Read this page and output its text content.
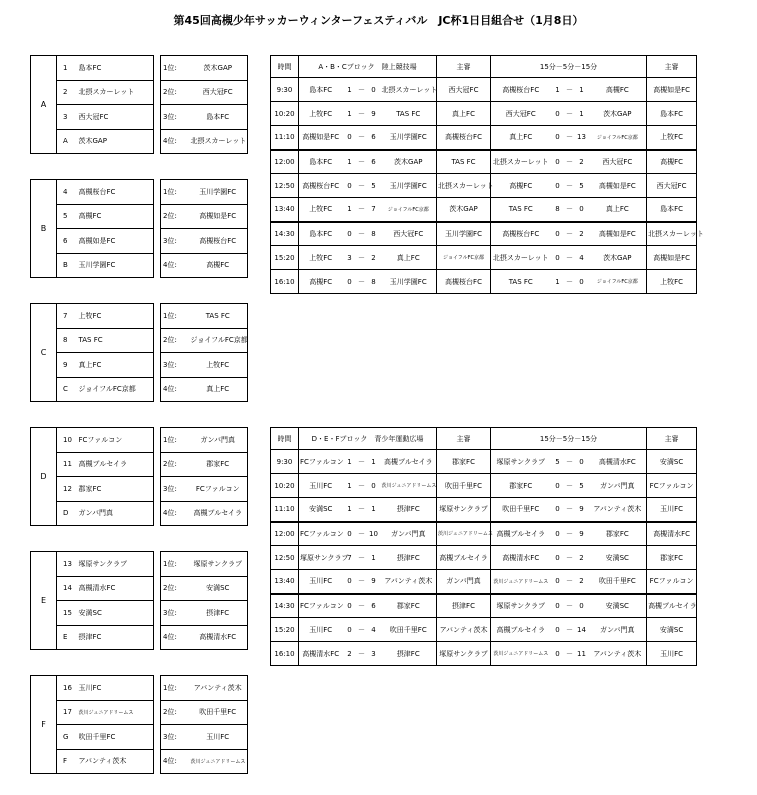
第45回高槻少年サッカーウィンターフェスティバル　JC杯1日目組合せ（1月8日）
A	1	島本FC
	2	北摂スカーレット
	3	西大冠FC
	A	茨木GAP
1位:	茨木GAP
2位:	西大冠FC
3位:	島本FC
4位:	北摂スカーレット
B	4	高槻桜台FC
	5	高槻FC
	6	高槻如是FC
	B	玉川学園FC
1位:	玉川学園FC
2位:	高槻如是FC
3位:	高槻桜台FC
4位:	高槻FC
C	7	上牧FC
	8	TAS FC
	9	真上FC
	C	ジョイフルFC京都
1位:	TAS FC
2位:	ジョイフルFC京都
3位:	上牧FC
4位:	真上FC
D	10	FCファルコン
	11	高槻ブルセイラ
	12	郡家FC
	D	ガンバ門真
1位:	ガンバ門真
2位:	郡家FC
3位:	FCファルコン
4位:	高槻ブルセイラ
E	13	塚原サンクラブ
	14	高槻清水FC
	15	安満SC
	E	摂津FC
1位:	塚原サンクラブ
2位:	安満SC
3位:	摂津FC
4位:	高槻清水FC
F	16	玉川FC
	17	茨川ジュニアドリームス
	G	吹田千里FC
	F	アバンティ茨木
1位:	アバンティ茨木
2位:	吹田千里FC
3位:	玉川FC
4位:	茨川ジュニアドリームス
時間	A・B・Cブロック　陸上競技場					主審	15分－5分－15分					主審
9:30	島本FC	1	－	0	北摂スカーレット	西大冠FC	高槻桜台FC	1	－	1	高槻FC	高槻如是FC
10:20	上牧FC	1	－	9	TAS FC	真上FC	西大冠FC	0	－	1	茨木GAP	島本FC
11:10	高槻如是FC	0	－	6	玉川学園FC	高槻桜台FC	真上FC	0	－	13	ジョイフルFC京都	上牧FC
12:00	島本FC	1	－	6	茨木GAP	TAS FC	北摂スカーレット	0	－	2	西大冠FC	高槻FC
12:50	高槻桜台FC	0	－	5	玉川学園FC	北摂スカーレット	高槻FC	0	－	5	高槻如是FC	西大冠FC
13:40	上牧FC	1	－	7	ジョイフルFC京都	茨木GAP	TAS FC	8	－	0	真上FC	島本FC
14:30	島本FC	0	－	8	西大冠FC	玉川学園FC	高槻桜台FC	0	－	2	高槻如是FC	北摂スカーレット
15:20	上牧FC	3	－	2	真上FC	ジョイフルFC京都	北摂スカーレット	0	－	4	茨木GAP	高槻如是FC
16:10	高槻FC	0	－	8	玉川学園FC	高槻桜台FC	TAS FC	1	－	0	ジョイフルFC京都	上牧FC
時間	D・E・Fブロック　青少年運動広場					主審	15分－5分－15分					主審
9:30	FCファルコン	1	－	1	高槻ブルセイラ	郡家FC	塚原サンクラブ	5	－	0	高槻清水FC	安満SC
10:20	玉川FC	1	－	0	茨川ジュニアドリームス	吹田千里FC	郡家FC	0	－	5	ガンバ門真	FCファルコン
11:10	安満SC	1	－	1	摂津FC	塚原サンクラブ	吹田千里FC	0	－	9	アバンティ茨木	玉川FC
12:00	FCファルコン	0	－	10	ガンバ門真	茨川ジュニアドリームス	高槻ブルセイラ	0	－	9	郡家FC	高槻清水FC
12:50	塚原サンクラブ	7	－	1	摂津FC	高槻ブルセイラ	高槻清水FC	0	－	2	安満SC	郡家FC
13:40	玉川FC	0	－	9	アバンティ茨木	ガンバ門真	茨川ジュニアドリームス	0	－	2	吹田千里FC	FCファルコン
14:30	FCファルコン	0	－	6	郡家FC	摂津FC	塚原サンクラブ	0	－	0	安満SC	高槻ブルセイラ
15:20	玉川FC	0	－	4	吹田千里FC	アバンティ茨木	高槻ブルセイラ	0	－	14	ガンバ門真	安満SC
16:10	高槻清水FC	2	－	3	摂津FC	塚原サンクラブ	茨川ジュニアドリームス	0	－	11	アバンティ茨木	玉川FC
